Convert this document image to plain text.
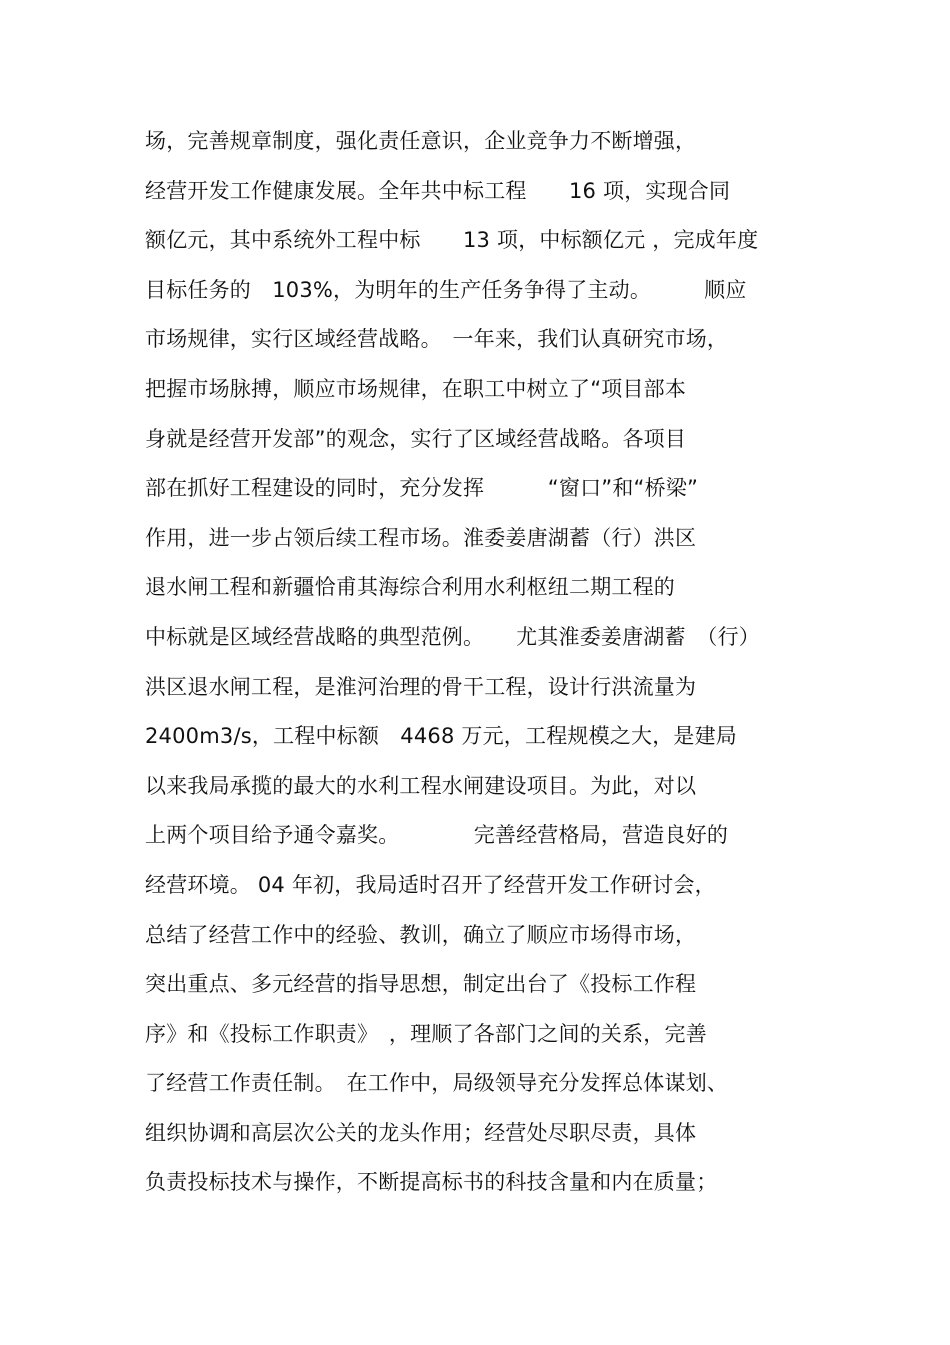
场，完善规章制度，强化责任意识，企业竞争力不断增强，
经营开发工作健康发展。全年共中标工程　　16 项，实现合同
额亿元，其中系统外工程中标　　13 项，中标额亿元 ，完成年度
目标任务的　103%，为明年的生产任务争得了主动。　　　顺应
市场规律，实行区域经营战略。　一年来，我们认真研究市场，
把握市场脉搏，顺应市场规律，在职工中树立了“项目部本
身就是经营开发部”的观念，实行了区域经营战略。各项目
部在抓好工程建设的同时，充分发挥　　　“窗口”和“桥梁”
作用，进一步占领后续工程市场。淮委姜唐湖蓄（行）洪区
退水闸工程和新疆恰甫其海综合利用水利枢纽二期工程的
中标就是区域经营战略的典型范例。　　尤其淮委姜唐湖蓄　（行）
洪区退水闸工程，是淮河治理的骨干工程，设计行洪流量为
2400m3/s，工程中标额　4468 万元，工程规模之大，是建局
以来我局承揽的最大的水利工程水闸建设项目。为此，对以
上两个项目给予通令嘉奖。　　　　完善经营格局，营造良好的
经营环境。 04 年初，我局适时召开了经营开发工作研讨会，
总结了经营工作中的经验、教训，确立了顺应市场得市场，
突出重点、多元经营的指导思想，制定出台了《投标工作程
序》和《投标工作职责》　，理顺了各部门之间的关系，完善
了经营工作责任制。　在工作中，局级领导充分发挥总体谋划、
组织协调和高层次公关的龙头作用；经营处尽职尽责，具体
负责投标技术与操作，不断提高标书的科技含量和内在质量；
